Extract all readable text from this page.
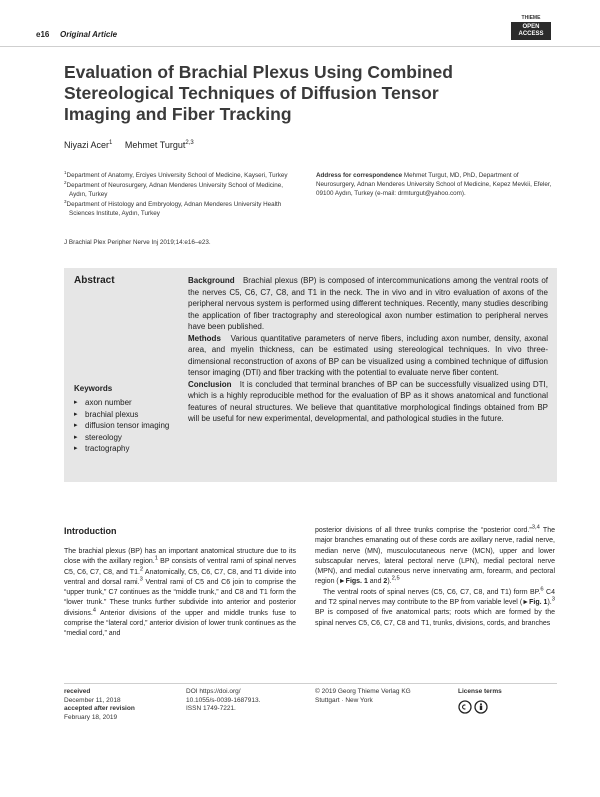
e16 Original Article
THIEME
OPEN
ACCESS
Evaluation of Brachial Plexus Using Combined Stereological Techniques of Diffusion Tensor Imaging and Fiber Tracking
Niyazi Acer$^1$ Mehmet Turgut$^{2,3}$

$^1$Department of Anatomy, Erciyes University School of Medicine, Kayseri, Turkey

$^2$Department of Neurosurgery, Adnan Menderes University School of Medicine, Aydın, Turkey

$^3$Department of Histology and Embryology, Adnan Menderes University Health Sciences Institute, Aydın, Turkey

J Brachial Plex Peripher Nerve Inj 2019;14:e16–e23.
Address for correspondence Mehmet Turgut, MD, PhD, Department of Neurosurgery, Adnan Menderes University School of Medicine, Kepez Mevkii, Efeler, 09100 Aydın, Turkey (e-mail: drmturgut@yahoo.com).
Abstract
Keywords
▸ axon number
▸ brachial plexus
▸ diffusion tensor imaging
▸ stereology
▸ tractography

Background Brachial plexus (BP) is composed of intercommunications among the ventral roots of the nerves C5, C6, C7, C8, and T1 in the neck. The in vivo and in vitro evaluation of axons of the peripheral nervous system is performed using different techniques. Recently, many studies describing the application of fiber tractography and stereological axon number estimation to peripheral nerves have been published.
Methods Various quantitative parameters of nerve fibers, including axon number, density, axonal area, and myelin thickness, can be estimated using stereological techniques. In vivo three-dimensional reconstruction of axons of BP can be visualized using a combined technique of diffusion tensor imaging (DTI) and fiber tracking with the potential to evaluate nerve fiber content.
Conclusion It is concluded that terminal branches of BP can be successfully visualized using DTI, which is a highly reproducible method for the evaluation of BP as it shows anatomical and functional features of neural structures. We believe that quantitative morphological findings obtained from BP will be useful for new experimental, developmental, and pathological studies in the future.

Introduction

The brachial plexus (BP) has an important anatomical structure due to its close with the axillary region.$^1$ BP consists of ventral rami of spinal nerves C5, C6, C7, C8, and T1.$^2$ Anatomically, C5, C6, C7, C8, and T1 divide into ventral and dorsal rami.$^3$ Ventral rami of C5 and C6 join to comprise the “upper trunk,” C7 continues as the “middle trunk,” and C8 and T1 form the “lower trunk.” These trunks further subdivide into anterior and posterior divisions.$^4$ Anterior divisions of the upper and middle trunks fuse to comprise the “lateral cord,” anterior division of lower trunk continues as the “medial cord,” and

posterior divisions of all three trunks comprise the “posterior cord.”$^{3,4}$ The major branches emanating out of these cords are axillary nerve, radial nerve, median nerve (MN), musculocutaneous nerve (MCN), upper and lower subscapular nerves, lateral pectoral nerve (LPN), medial pectoral nerve (MPN), and medial cutaneous nerve innervating arm, forearm, and pectoral region (►Figs. 1 and 2).$^{2,5}$

The ventral roots of spinal nerves (C5, C6, C7, C8, and T1) form BP.$^6$ C4 and T2 spinal nerves may contribute to the BP from variable level (►Fig. 1).$^3$ BP is composed of five anatomical parts; roots which are formed by the spinal nerves C5, C6, C7, C8 and T1, trunks, divisions, cords, and branches

received
December 11, 2018
accepted after revision
February 18, 2019
DOI https://doi.org/
10.1055/s-0039-1687913.
ISSN 1749-7221.
© 2019 Georg Thieme Verlag KG
Stuttgart · New York
License terms
